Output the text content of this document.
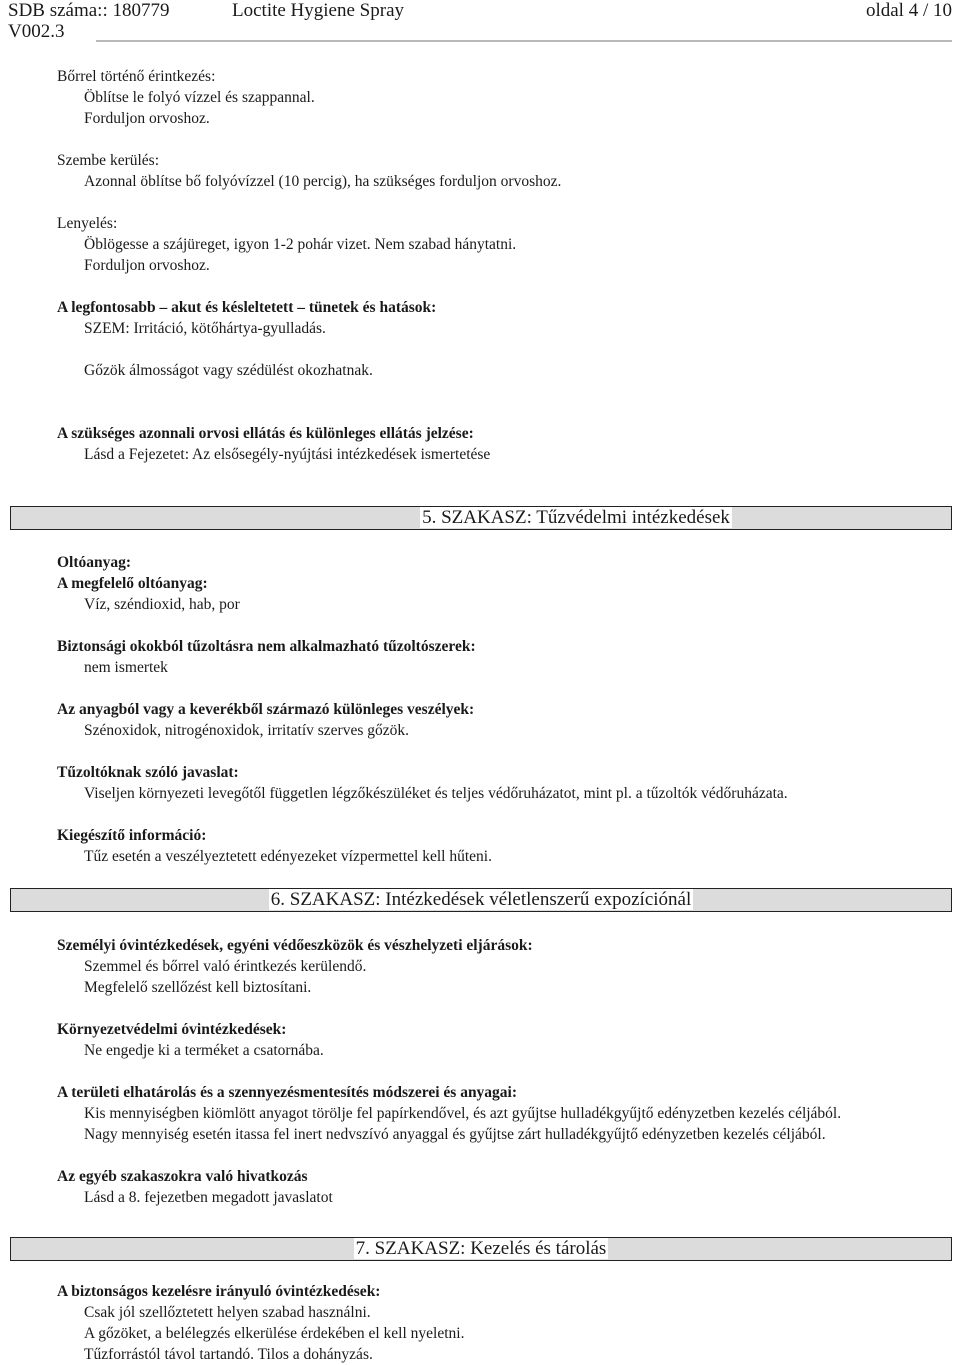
SDB száma:: 180779	Loctite Hygiene Spray	oldal 4 / 10
V002.3
Bőrrel történő érintkezés:
Öblítse le folyó vízzel és szappannal.
Forduljon orvoshoz.
Szembe kerülés:
Azonnal öblítse bő folyóvízzel (10 percig), ha szükséges forduljon orvoshoz.
Lenyelés:
Öblögesse a szájüreget, igyon 1-2 pohár vizet. Nem szabad hánytatni.
Forduljon orvoshoz.
A legfontosabb – akut és késleltetett – tünetek és hatások:
SZEM: Irritáció, kötőhártya-gyulladás.
Gőzök álmosságot vagy szédülést okozhatnak.
A szükséges azonnali orvosi ellátás és különleges ellátás jelzése:
Lásd a Fejezetet: Az elsősegély-nyújtási intézkedések ismertetése
5. SZAKASZ: Tűzvédelmi intézkedések
Oltóanyag:
A megfelelő oltóanyag:
Víz, széndioxid, hab, por
Biztonsági okokból tűzoltásra nem alkalmazható tűzoltószerek:
nem ismertek
Az anyagból vagy a keverékből származó különleges veszélyek:
Szénoxidok, nitrogénoxidok, irritatív szerves gőzök.
Tűzoltóknak szóló javaslat:
Viseljen környezeti levegőtől független légzőkészüléket és teljes védőruházatot, mint pl. a tűzoltók védőruházata.
Kiegészítő információ:
Tűz esetén a veszélyeztetett edényezeket vízpermettel kell hűteni.
6. SZAKASZ: Intézkedések véletlenszerű expozíciónál
Személyi óvintézkedések, egyéni védőeszközök és vészhelyzeti eljárások:
Szemmel és bőrrel való érintkezés kerülendő.
Megfelelő szellőzést kell biztosítani.
Környezetvédelmi óvintézkedések:
Ne engedje ki a terméket a csatornába.
A területi elhatárolás és a szennyezésmentesítés módszerei és anyagai:
Kis mennyiségben kiömlött anyagot törölje fel papírkendővel, és azt gyűjtse hulladékgyűjtő edényzetben kezelés céljából.
Nagy mennyiség esetén itassa fel inert nedvszívó anyaggal és gyűjtse zárt hulladékgyűjtő edényzetben kezelés céljából.
Az egyéb szakaszokra való hivatkozás
Lásd a 8. fejezetben megadott javaslatot
7. SZAKASZ: Kezelés és tárolás
A biztonságos kezelésre irányuló óvintézkedések:
Csak jól szellőztetett helyen szabad használni.
A gőzöket, a belélegzés elkerülése érdekében el kell nyeletni.
Tűzforrástól távol tartandó. Tilos a dohányzás.
